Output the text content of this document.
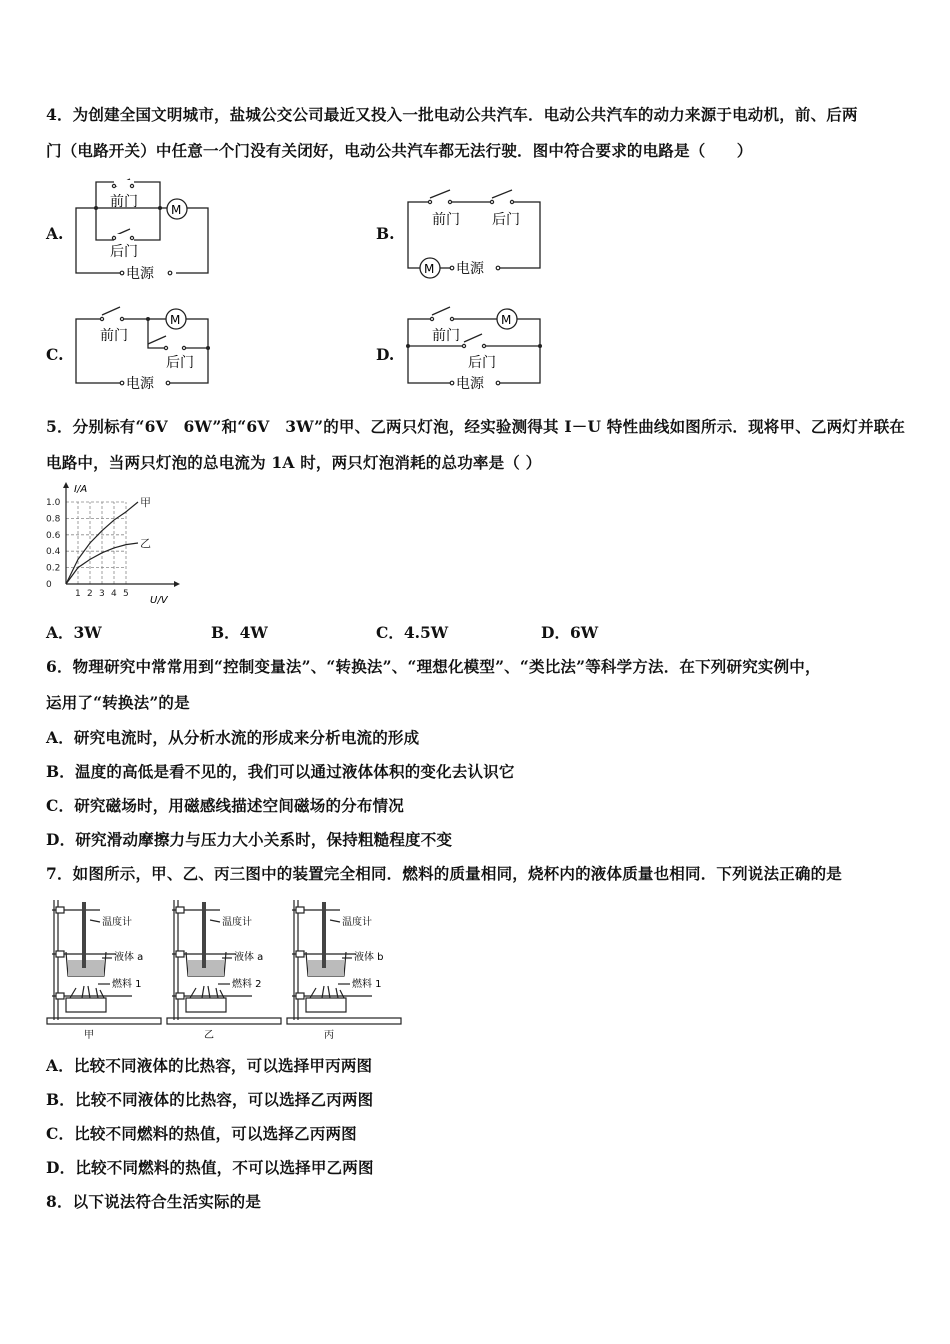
4．为创建全国文明城市，盐城公交公司最近又投入一批电动公共汽车．电动公共汽车的动力来源于电动机，前、后两
门（电路开关）中任意一个门没有关闭好，电动公共汽车都无法行驶．图中符合要求的电路是（　　）
A.	B.
C.	D.
前门
后门
电源
M
前门 后门
电源
M
前门
后门
电源
M
前门
后门
电源
M
5．分别标有“6V　6W”和“6V　3W”的甲、乙两只灯泡，经实验测得其 I－U 特性曲线如图所示．现将甲、乙两灯并联在
电路中，当两只灯泡的总电流为 1A 时，两只灯泡消耗的总功率是（ ）
1 2 3 4 5
0
0.2
0.4
0.6
0.8
1.0	甲
乙
I/A
U/V
A．3W	B．4W	C．4.5W	D．6W
6．物理研究中常常用到“控制变量法”、“转换法”、“理想化模型”、“类比法”等科学方法．在下列研究实例中，
运用了“转换法”的是
A．研究电流时，从分析水流的形成来分析电流的形成
B．温度的高低是看不见的，我们可以通过液体体积的变化去认识它
C．研究磁场时，用磁感线描述空间磁场的分布情况
D．研究滑动摩擦力与压力大小关系时，保持粗糙程度不变
7．如图所示，甲、乙、丙三图中的装置完全相同．燃料的质量相同，烧杯内的液体质量也相同．下列说法正确的是
温度计
液体 a
燃料 1
甲
温度计
液体 a
燃料 2
乙
温度计
液体 b
燃料 1
丙
A．比较不同液体的比热容，可以选择甲丙两图
B．比较不同液体的比热容，可以选择乙丙两图
C．比较不同燃料的热值，可以选择乙丙两图
D．比较不同燃料的热值，不可以选择甲乙两图
8．以下说法符合生活实际的是
